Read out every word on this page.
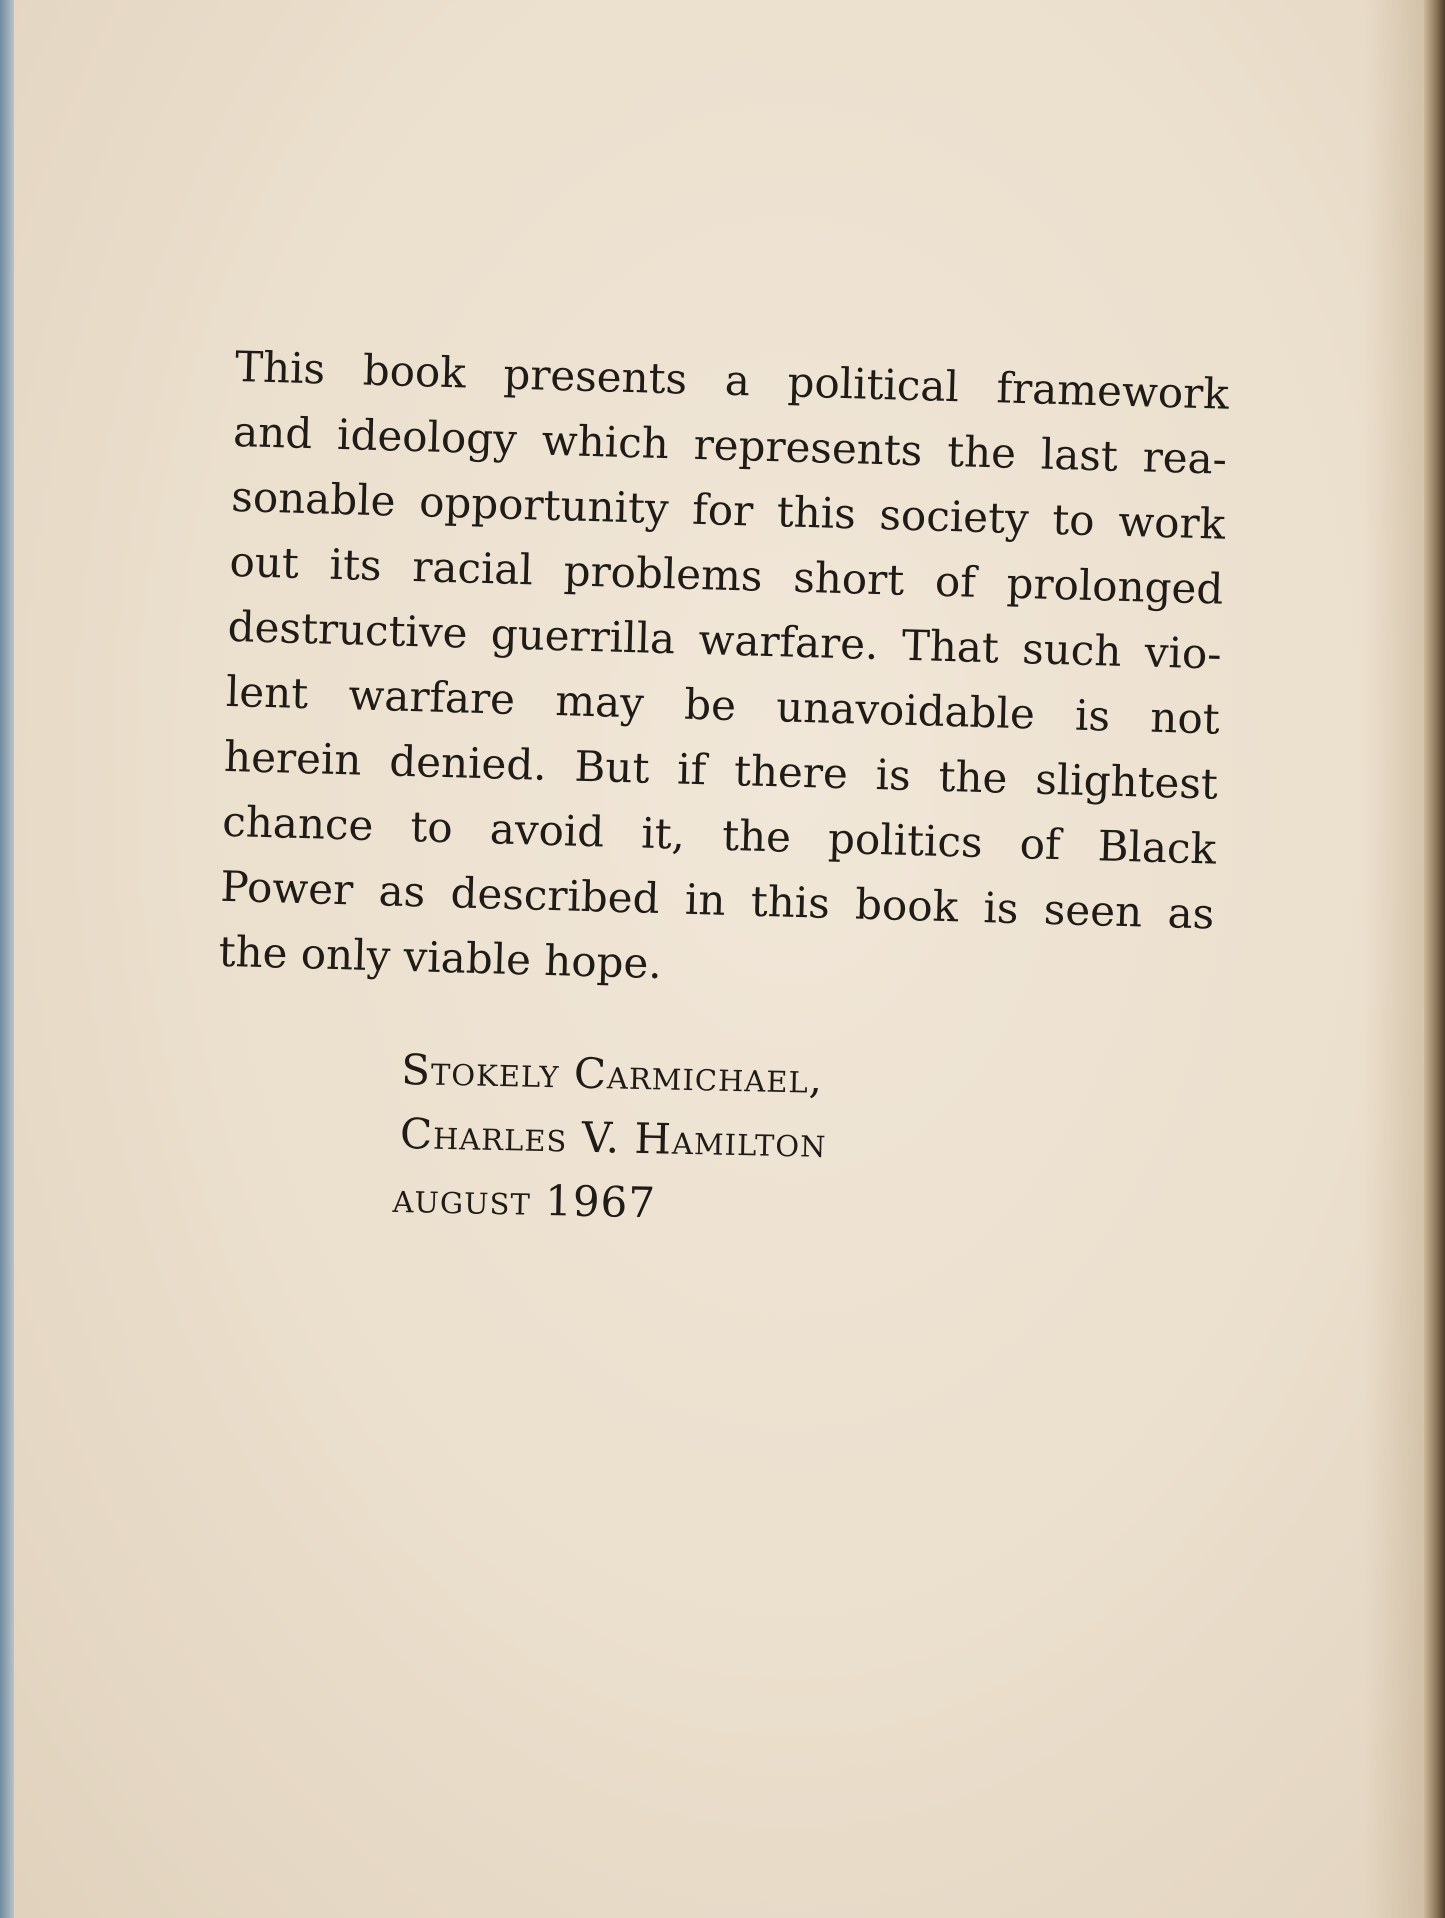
This book presents a political framework
and ideology which represents the last rea-
sonable opportunity for this society to work
out its racial problems short of prolonged
destructive guerrilla warfare. That such vio-
lent warfare may be unavoidable is not
herein denied. But if there is the slightest
chance to avoid it, the politics of Black
Power as described in this book is seen as
the only viable hope.
Stokely Carmichael,
Charles V. Hamilton
august 1967
